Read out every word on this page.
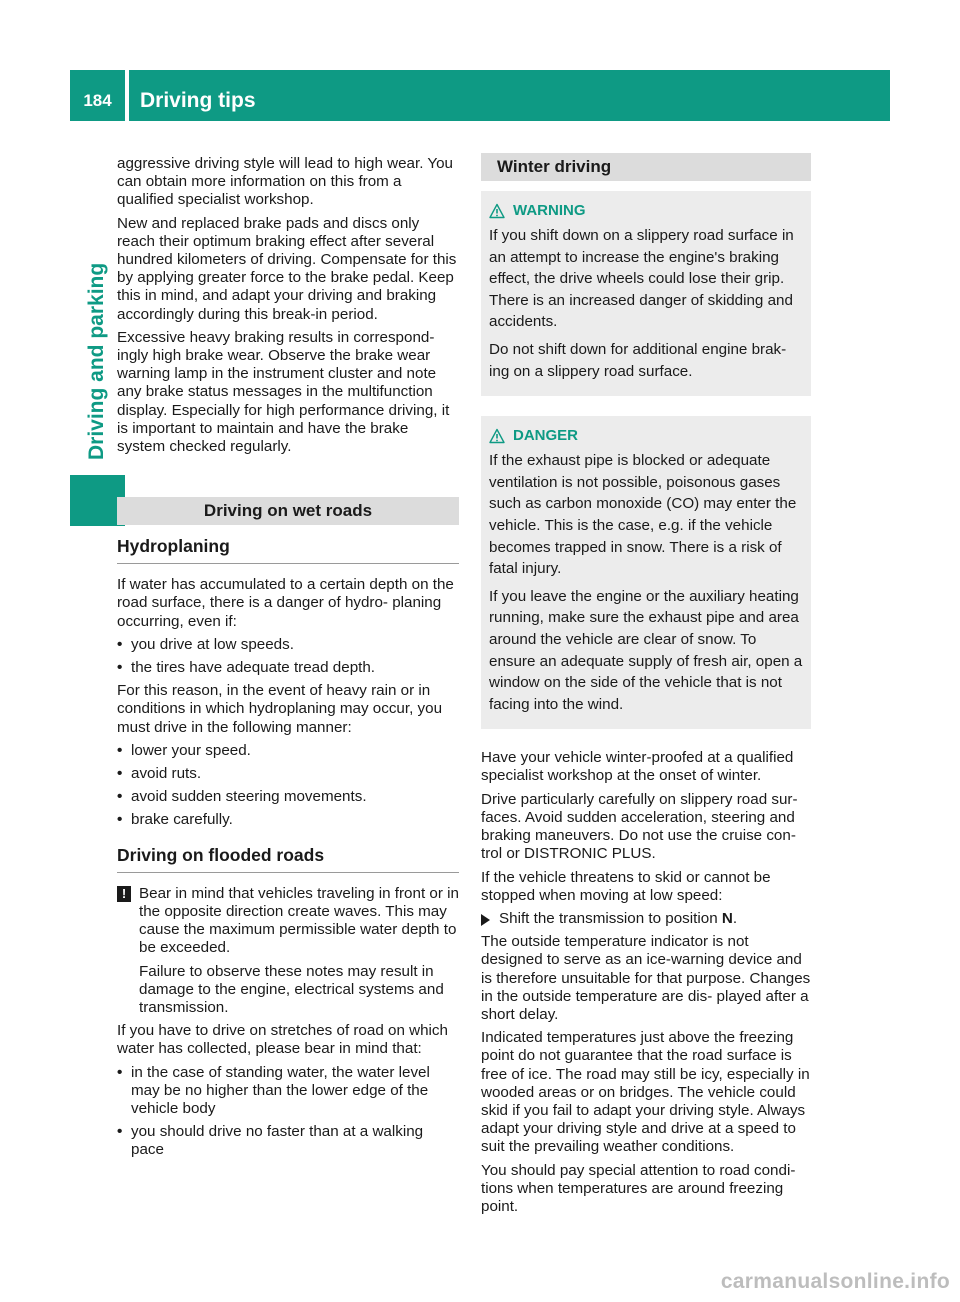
184	Driving tips
Driving and parking

aggressive driving style will lead to high wear. You can obtain more information on this from a qualified specialist workshop.

New and replaced brake pads and discs only reach their optimum braking effect after several hundred kilometers of driving. Compensate for this by applying greater force to the brake pedal. Keep this in mind, and adapt your driving and braking accordingly during this break-in period.

Excessive heavy braking results in correspond- ingly high brake wear. Observe the brake wear warning lamp in the instrument cluster and note any brake status messages in the multifunction display. Especially for high performance driving, it is important to maintain and have the brake system checked regularly.

Driving on wet roads
Hydroplaning

If water has accumulated to a certain depth on the road surface, there is a danger of hydro- planing occurring, even if:

• you drive at low speeds.
• the tires have adequate tread depth.

For this reason, in the event of heavy rain or in conditions in which hydroplaning may occur, you must drive in the following manner:

• lower your speed.
• avoid ruts.
• avoid sudden steering movements.
• brake carefully.
Driving on flooded roads
! Bear in mind that vehicles traveling in front or in the opposite direction create waves. This may cause the maximum permissible water depth to be exceeded.

Failure to observe these notes may result in damage to the engine, electrical systems and transmission.

If you have to drive on stretches of road on which water has collected, please bear in mind that:

• in the case of standing water, the water level may be no higher than the lower edge of the vehicle body
• you should drive no faster than at a walking pace
Winter driving
WARNING

If you shift down on a slippery road surface in an attempt to increase the engine's braking effect, the drive wheels could lose their grip. There is an increased danger of skidding and accidents.

Do not shift down for additional engine brak- ing on a slippery road surface.

DANGER

If the exhaust pipe is blocked or adequate ventilation is not possible, poisonous gases such as carbon monoxide (CO) may enter the vehicle. This is the case, e.g. if the vehicle becomes trapped in snow. There is a risk of fatal injury.

If you leave the engine or the auxiliary heating running, make sure the exhaust pipe and area around the vehicle are clear of snow. To ensure an adequate supply of fresh air, open a window on the side of the vehicle that is not facing into the wind.

Have your vehicle winter-proofed at a qualified specialist workshop at the onset of winter.

Drive particularly carefully on slippery road sur- faces. Avoid sudden acceleration, steering and braking maneuvers. Do not use the cruise con- trol or DISTRONIC PLUS.

If the vehicle threatens to skid or cannot be stopped when moving at low speed:

Shift the transmission to position N.

The outside temperature indicator is not designed to serve as an ice-warning device and is therefore unsuitable for that purpose. Changes in the outside temperature are dis- played after a short delay.

Indicated temperatures just above the freezing point do not guarantee that the road surface is free of ice. The road may still be icy, especially in wooded areas or on bridges. The vehicle could skid if you fail to adapt your driving style. Always adapt your driving style and drive at a speed to suit the prevailing weather conditions.

You should pay special attention to road condi- tions when temperatures are around freezing point.

carmanualsonline.info
